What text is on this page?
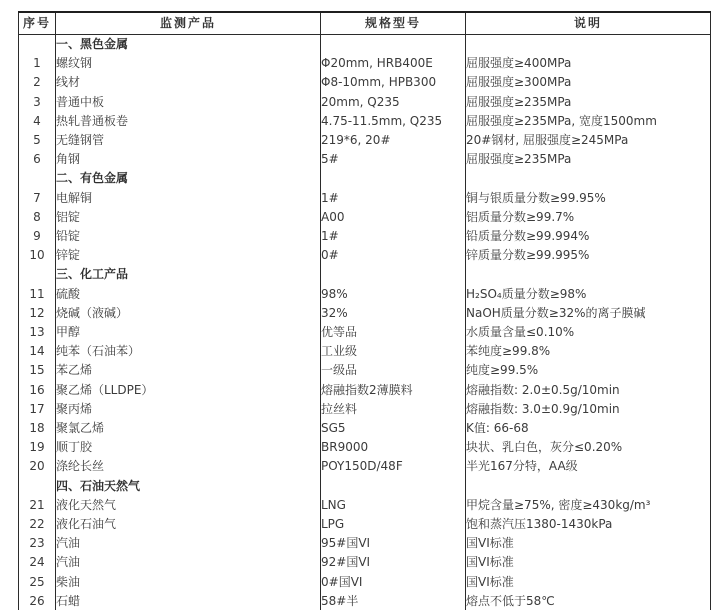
序号	监测产品	规格型号	说明
	一、黑色金属		
1	螺纹钢	Φ20mm, HRB400E	屈服强度≥400MPa
2	线材	Φ8-10mm, HPB300	屈服强度≥300MPa
3	普通中板	20mm, Q235	屈服强度≥235MPa
4	热轧普通板卷	4.75-11.5mm, Q235	屈服强度≥235MPa, 宽度1500mm
5	无缝钢管	219*6, 20#	20#钢材, 屈服强度≥245MPa
6	角钢	5#	屈服强度≥235MPa
	二、有色金属		
7	电解铜	1#	铜与银质量分数≥99.95%
8	铝锭	A00	铝质量分数≥99.7%
9	铅锭	1#	铅质量分数≥99.994%
10	锌锭	0#	锌质量分数≥99.995%
	三、化工产品		
11	硫酸	98%	H₂SO₄质量分数≥98%
12	烧碱（液碱）	32%	NaOH质量分数≥32%的离子膜碱
13	甲醇	优等品	水质量含量≤0.10%
14	纯苯（石油苯）	工业级	苯纯度≥99.8%
15	苯乙烯	一级品	纯度≥99.5%
16	聚乙烯（LLDPE）	熔融指数2薄膜料	熔融指数: 2.0±0.5g/10min
17	聚丙烯	拉丝料	熔融指数: 3.0±0.9g/10min
18	聚氯乙烯	SG5	K值: 66-68
19	顺丁胶	BR9000	块状、乳白色，灰分≤0.20%
20	涤纶长丝	POY150D/48F	半光167分特，AA级
	四、石油天然气		
21	液化天然气	LNG	甲烷含量≥75%, 密度≥430kg/m³
22	液化石油气	LPG	饱和蒸汽压1380-1430kPa
23	汽油	95#国VI	国VI标准
24	汽油	92#国VI	国VI标准
25	柴油	0#国VI	国VI标准
26	石蜡	58#半	熔点不低于58℃
